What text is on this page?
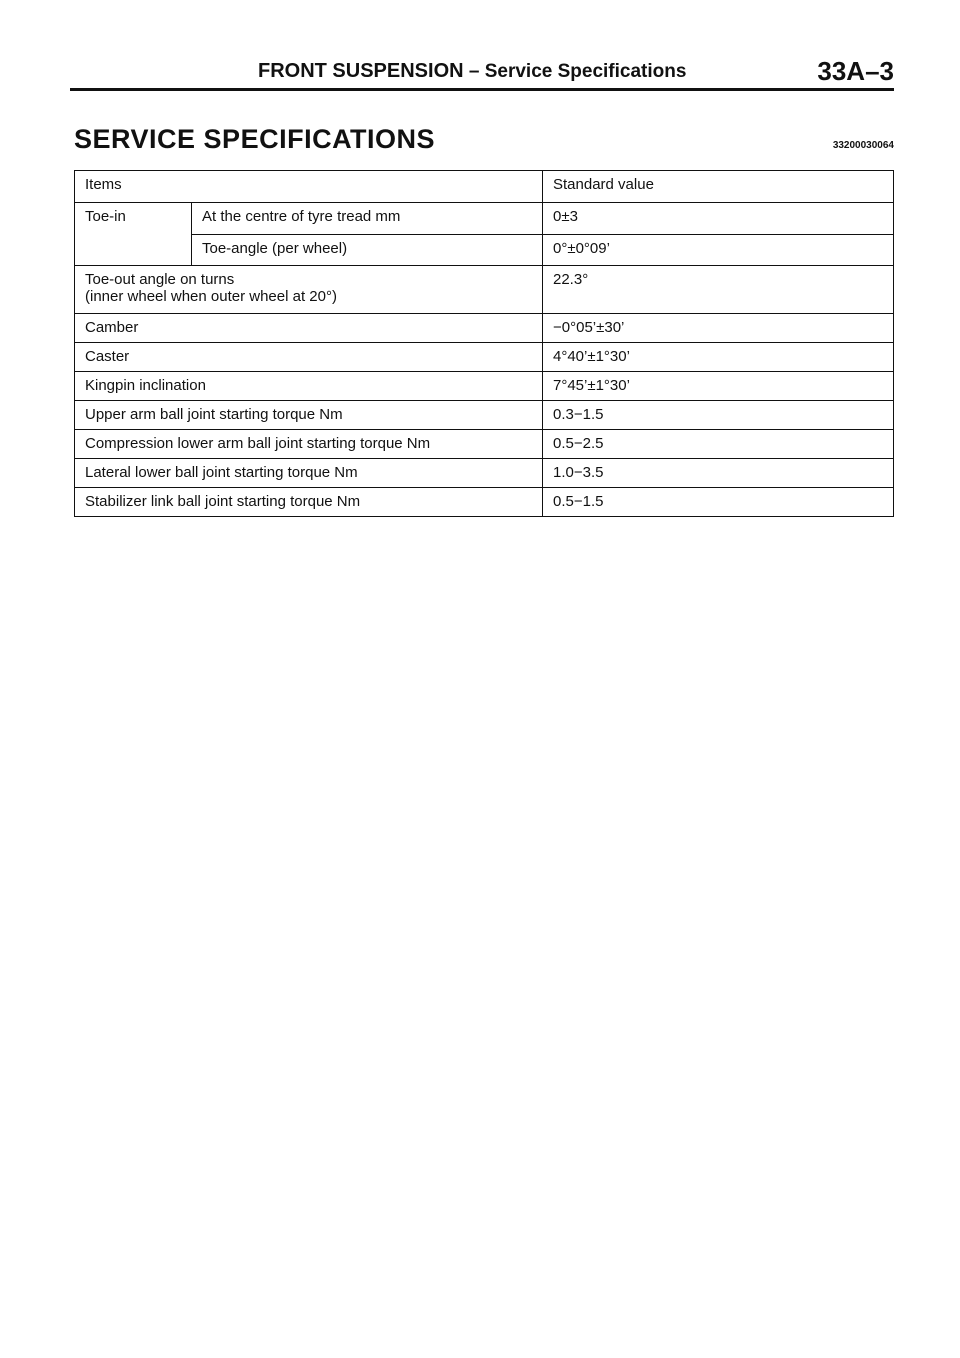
FRONT SUSPENSION – Service Specifications	33A–3
SERVICE SPECIFICATIONS	33200030064
Items		Standard value
Toe-in	At the centre of tyre tread mm	0±3
	Toe-angle (per wheel)	0°±0°09’

Toe-out angle on turns
(inner wheel when outer wheel at 20°)		22.3°
Camber		−0°05’±30’
Caster		4°40’±1°30’
Kingpin inclination		7°45’±1°30’
Upper arm ball joint starting torque Nm		0.3−1.5
Compression lower arm ball joint starting torque Nm		0.5−2.5
Lateral lower ball joint starting torque Nm		1.0−3.5
Stabilizer link ball joint starting torque Nm		0.5−1.5
